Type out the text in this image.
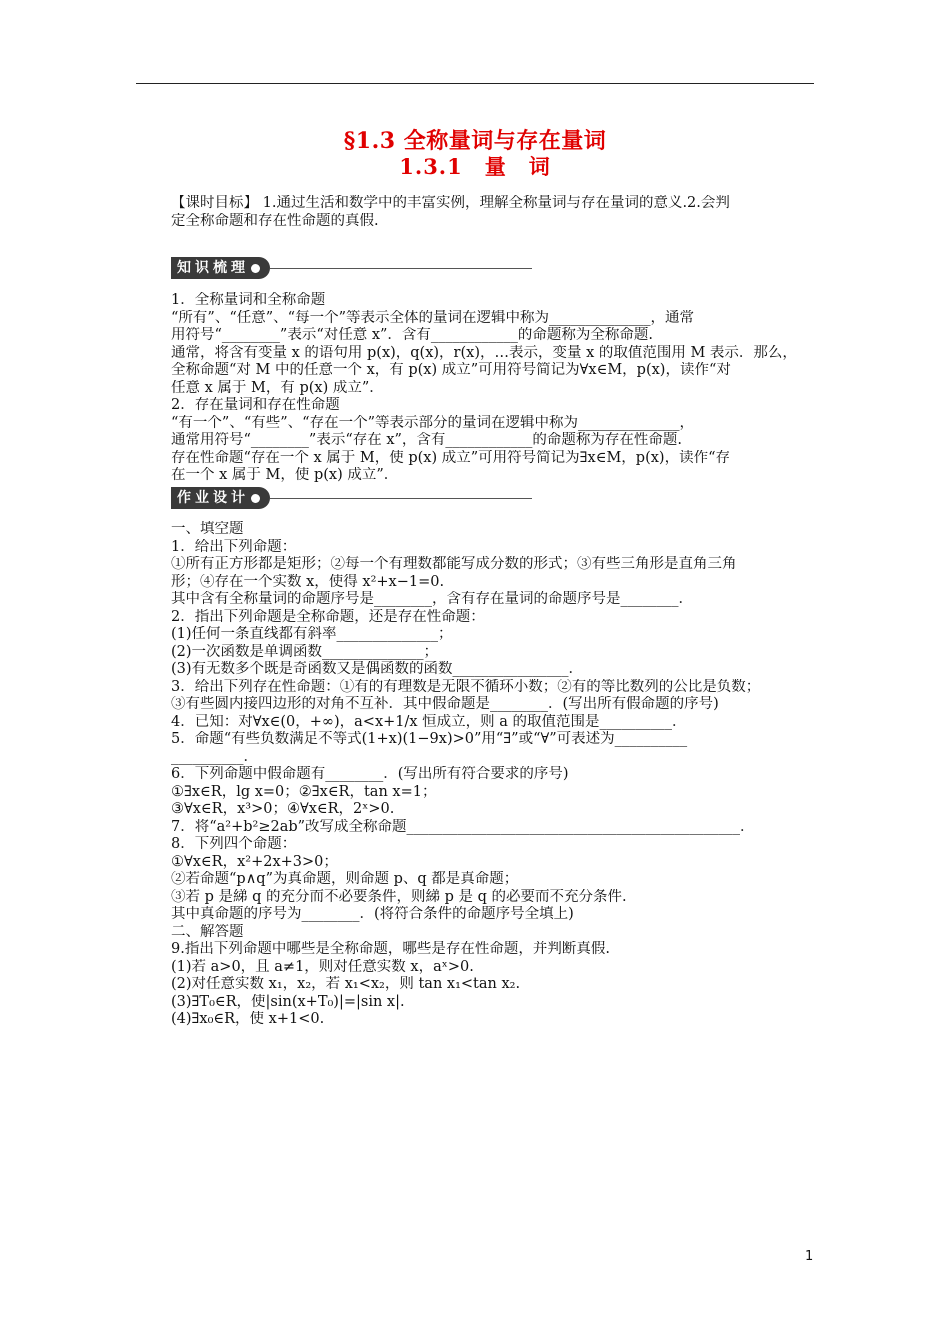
§1.3 全称量词与存在量词
1.3.1　量　词
【课时目标】 1.通过生活和数学中的丰富实例，理解全称量词与存在量词的意义.2.会判
定全称命题和存在性命题的真假.
知识梳理
1．全称量词和全称命题
“所有”、“任意”、“每一个”等表示全体的量词在逻辑中称为______________，通常
用符号“________”表示“对任意 x”．含有____________的命题称为全称命题.
通常，将含有变量 x 的语句用 p(x)，q(x)，r(x)，…表示，变量 x 的取值范围用 M 表示．那么，
全称命题“对 M 中的任意一个 x，有 p(x) 成立”可用符号简记为∀x∈M，p(x)，读作“对
任意 x 属于 M，有 p(x) 成立”．
2．存在量词和存在性命题
“有一个”、“有些”、“存在一个”等表示部分的量词在逻辑中称为______________，
通常用符号“________”表示“存在 x”，含有____________的命题称为存在性命题.
存在性命题“存在一个 x 属于 M，使 p(x) 成立”可用符号简记为∃x∈M，p(x)，读作“存
在一个 x 属于 M，使 p(x) 成立”．
作业设计
一、填空题
1．给出下列命题：
①所有正方形都是矩形；②每一个有理数都能写成分数的形式；③有些三角形是直角三角
形；④存在一个实数 x，使得 x²+x−1=0.
其中含有全称量词的命题序号是________，含有存在量词的命题序号是________．
2．指出下列命题是全称命题，还是存在性命题：
(1)任何一条直线都有斜率______________；
(2)一次函数是单调函数______________；
(3)有无数多个既是奇函数又是偶函数的函数________________．
3．给出下列存在性命题：①有的有理数是无限不循环小数；②有的等比数列的公比是负数；
③有些圆内接四边形的对角不互补．其中假命题是________．(写出所有假命题的序号)
4．已知：对∀x∈(0，+∞)，a<x+1/x 恒成立，则 a 的取值范围是__________．
5．命题“有些负数满足不等式(1+x)(1−9x)>0”用“∃”或“∀”可表述为__________
__________．
6．下列命题中假命题有________．(写出所有符合要求的序号)
①∃x∈R，lg x=0；②∃x∈R，tan x=1；
③∀x∈R，x³>0；④∀x∈R，2ˣ>0.
7．将“a²+b²≥2ab”改写成全称命题______________________________________________．
8．下列四个命题：
①∀x∈R，x²+2x+3>0；
②若命题“p∧q”为真命题，则命题 p、q 都是真命题；
③若 p 是綈 q 的充分而不必要条件，则綈 p 是 q 的必要而不充分条件.
其中真命题的序号为________．(将符合条件的命题序号全填上)
二、解答题
9.指出下列命题中哪些是全称命题，哪些是存在性命题，并判断真假.
(1)若 a>0，且 a≠1，则对任意实数 x，aˣ>0.
(2)对任意实数 x₁，x₂，若 x₁<x₂，则 tan x₁<tan x₂.
(3)∃T₀∈R，使|sin(x+T₀)|=|sin x|.
(4)∃x₀∈R，使 x+1<0.
1
